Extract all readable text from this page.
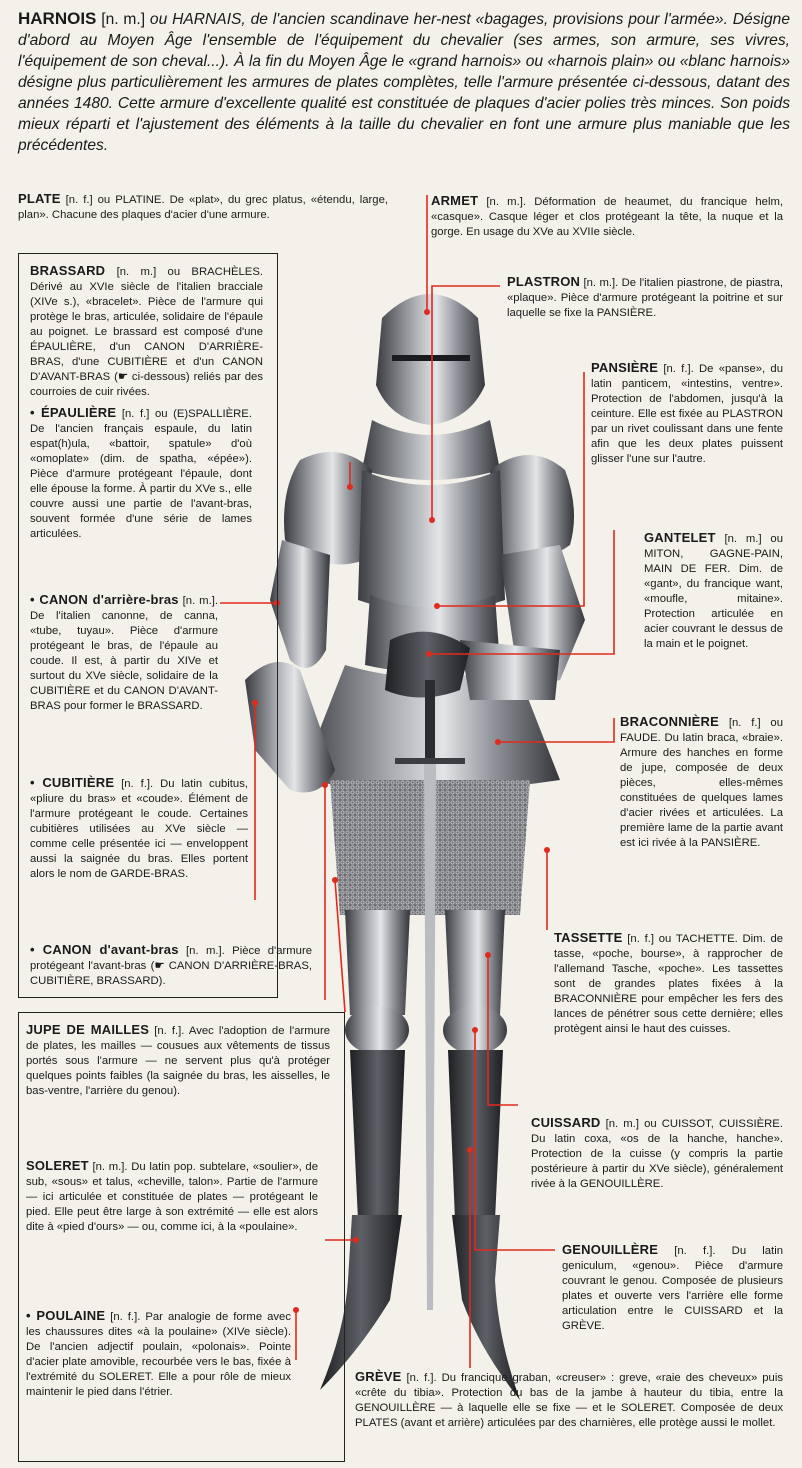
HARNOIS [n. m.] ou HARNAIS, de l'ancien scandinave her-nest «bagages, provisions pour l'armée». Désigne d'abord au Moyen Âge l'ensemble de l'équipement du chevalier (ses armes, son armure, ses vivres, l'équipement de son cheval...). À la fin du Moyen Âge le «grand harnois» ou «harnois plain» ou «blanc harnois» désigne plus particulièrement les armures de plates complètes, telle l'armure présentée ci-dessous, datant des années 1480. Cette armure d'excellente qualité est constituée de plaques d'acier polies très minces. Son poids mieux réparti et l'ajustement des éléments à la taille du chevalier en font une armure plus maniable que les précédentes.
PLATE [n. f.] ou PLATINE. De «plat», du grec platus, «étendu, large, plan». Chacune des plaques d'acier d'une armure.
BRASSARD [n. m.] ou BRACHÈLES. Dérivé au XVIe siècle de l'italien bracciale (XIVe s.), «bracelet». Pièce de l'armure qui protège le bras, articulée, solidaire de l'épaule au poignet. Le brassard est composé d'une ÉPAULIÈRE, d'un CANON D'ARRIÈRE-BRAS, d'une CUBITIÈRE et d'un CANON D'AVANT-BRAS (☛ ci-dessous) reliés par des courroies de cuir rivées.
• ÉPAULIÈRE [n. f.] ou (E)SPALLIÈRE. De l'ancien français espaule, du latin espat(h)ula, «battoir, spatule» d'où «omoplate» (dim. de spatha, «épée»). Pièce d'armure protégeant l'épaule, dont elle épouse la forme. À partir du XVe s., elle couvre aussi une partie de l'avant-bras, souvent formée d'une série de lames articulées.
• CANON d'arrière-bras [n. m.]. De l'italien canonne, de canna, «tube, tuyau». Pièce d'armure protégeant le bras, de l'épaule au coude. Il est, à partir du XIVe et surtout du XVe siècle, solidaire de la CUBITIÈRE et du CANON D'AVANT-BRAS pour former le BRASSARD.
• CUBITIÈRE [n. f.]. Du latin cubitus, «pliure du bras» et «coude». Élément de l'armure protégeant le coude. Certaines cubitières utilisées au XVe siècle — comme celle présentée ici — enveloppent aussi la saignée du bras. Elles portent alors le nom de GARDE-BRAS.
• CANON d'avant-bras [n. m.]. Pièce d'armure protégeant l'avant-bras (☛ CANON D'ARRIÈRE-BRAS, CUBITIÈRE, BRASSARD).
JUPE DE MAILLES [n. f.]. Avec l'adoption de l'armure de plates, les mailles — cousues aux vêtements de tissus portés sous l'armure — ne servent plus qu'à protéger quelques points faibles (la saignée du bras, les aisselles, le bas-ventre, l'arrière du genou).
SOLERET [n. m.]. Du latin pop. subtelare, «soulier», de sub, «sous» et talus, «cheville, talon». Partie de l'armure — ici articulée et constituée de plates — protégeant le pied. Elle peut être large à son extrémité — elle est alors dite à «pied d'ours» — ou, comme ici, à la «poulaine».
• POULAINE [n. f.]. Par analogie de forme avec les chaussures dites «à la poulaine» (XIVe siècle). De l'ancien adjectif poulain, «polonais». Pointe d'acier plate amovible, recourbée vers le bas, fixée à l'extrémité du SOLERET. Elle a pour rôle de mieux maintenir le pied dans l'étrier.
ARMET [n. m.]. Déformation de heaumet, du francique helm, «casque». Casque léger et clos protégeant la tête, la nuque et la gorge. En usage du XVe au XVIIe siècle.
PLASTRON [n. m.]. De l'italien piastrone, de piastra, «plaque». Pièce d'armure protégeant la poitrine et sur laquelle se fixe la PANSIÈRE.
PANSIÈRE [n. f.]. De «panse», du latin panticem, «intestins, ventre». Protection de l'abdomen, jusqu'à la ceinture. Elle est fixée au PLASTRON par un rivet coulissant dans une fente afin que les deux plates puissent glisser l'une sur l'autre.
GANTELET [n. m.] ou MITON, GAGNE-PAIN, MAIN DE FER. Dim. de «gant», du francique want, «moufle, mitaine». Protection articulée en acier couvrant le dessus de la main et le poignet.
BRACONNIÈRE [n. f.] ou FAUDE. Du latin braca, «braie». Armure des hanches en forme de jupe, composée de deux pièces, elles-mêmes constituées de quelques lames d'acier rivées et articulées. La première lame de la partie avant est ici rivée à la PANSIÈRE.
TASSETTE [n. f.] ou TACHETTE. Dim. de tasse, «poche, bourse», à rapprocher de l'allemand Tasche, «poche». Les tassettes sont de grandes plates fixées à la BRACONNIÈRE pour empêcher les fers des lances de pénétrer sous cette dernière; elles protègent ainsi le haut des cuisses.
CUISSARD [n. m.] ou CUISSOT, CUISSIÈRE. Du latin coxa, «os de la hanche, hanche». Protection de la cuisse (y compris la partie postérieure à partir du XVe siècle), généralement rivée à la GENOUILLÈRE.
GENOUILLÈRE [n. f.]. Du latin geniculum, «genou». Pièce d'armure couvrant le genou. Composée de plusieurs plates et ouverte vers l'arrière elle forme articulation entre le CUISSARD et la GRÈVE.
GRÈVE [n. f.]. Du francique graban, «creuser» : greve, «raie des cheveux» puis «crête du tibia». Protection du bas de la jambe à hauteur du tibia, entre la GENOUILLÈRE — à laquelle elle se fixe — et le SOLERET. Composée de deux PLATES (avant et arrière) articulées par des charnières, elle protège aussi le mollet.
